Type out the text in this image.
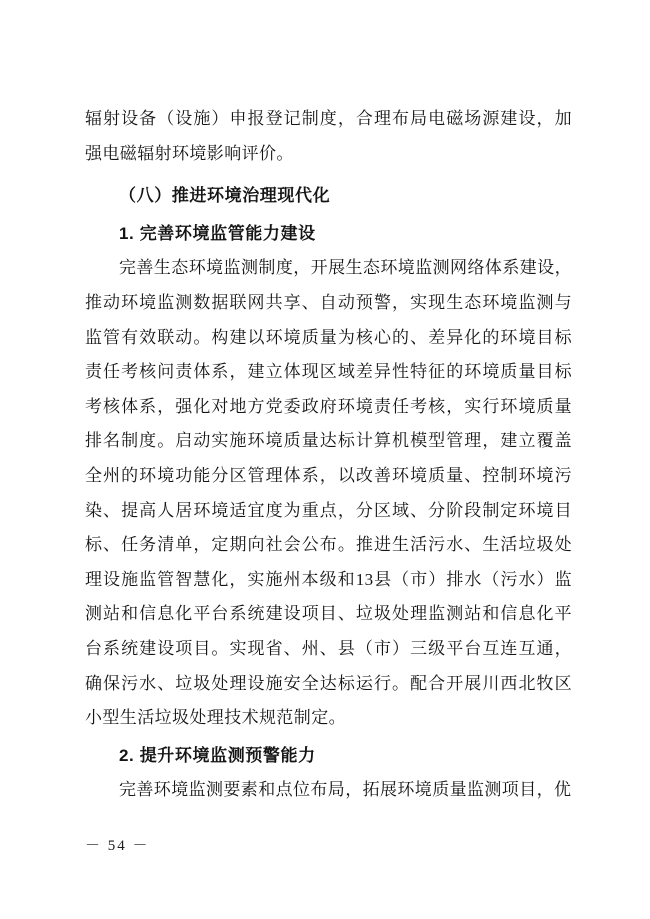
辐射设备（设施）申报登记制度，合理布局电磁场源建设，加强电磁辐射环境影响评价。

（八）推进环境治理现代化
1. 完善环境监管能力建设

完善生态环境监测制度，开展生态环境监测网络体系建设，推动环境监测数据联网共享、自动预警，实现生态环境监测与监管有效联动。构建以环境质量为核心的、差异化的环境目标责任考核问责体系，建立体现区域差异性特征的环境质量目标考核体系，强化对地方党委政府环境责任考核，实行环境质量排名制度。启动实施环境质量达标计算机模型管理，建立覆盖全州的环境功能分区管理体系，以改善环境质量、控制环境污染、提高人居环境适宜度为重点，分区域、分阶段制定环境目标、任务清单，定期向社会公布。推进生活污水、生活垃圾处理设施监管智慧化，实施州本级和13县（市）排水（污水）监测站和信息化平台系统建设项目、垃圾处理监测站和信息化平台系统建设项目。实现省、州、县（市）三级平台互连互通，确保污水、垃圾处理设施安全达标运行。配合开展川西北牧区小型生活垃圾处理技术规范制定。

2. 提升环境监测预警能力

完善环境监测要素和点位布局，拓展环境质量监测项目，优

－ 54 －
